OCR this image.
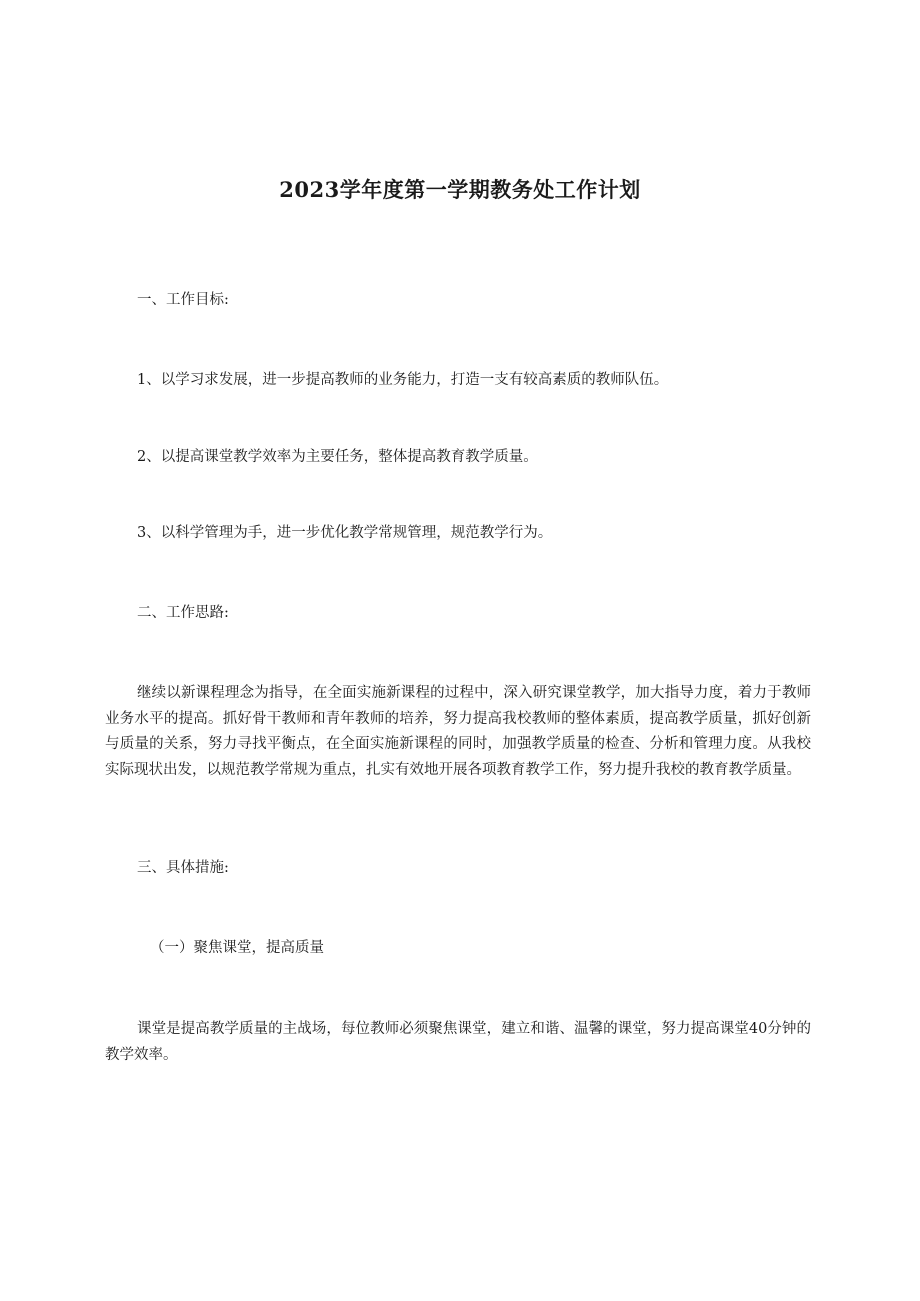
2023学年度第一学期教务处工作计划

一、工作目标:

1、以学习求发展，进一步提高教师的业务能力，打造一支有较高素质的教师队伍。

2、以提高课堂教学效率为主要任务，整体提高教育教学质量。

3、以科学管理为手，进一步优化教学常规管理，规范教学行为。

二、工作思路:

继续以新课程理念为指导，在全面实施新课程的过程中，深入研究课堂教学，加大指导力度，着力于教师业务水平的提高。抓好骨干教师和青年教师的培养，努力提高我校教师的整体素质，提高教学质量，抓好创新与质量的关系，努力寻找平衡点，在全面实施新课程的同时，加强教学质量的检查、分析和管理力度。从我校实际现状出发，以规范教学常规为重点，扎实有效地开展各项教育教学工作，努力提升我校的教育教学质量。

三、具体措施:

（一）聚焦课堂，提高质量

课堂是提高教学质量的主战场，每位教师必须聚焦课堂，建立和谐、温馨的课堂，努力提高课堂40分钟的教学效率。
